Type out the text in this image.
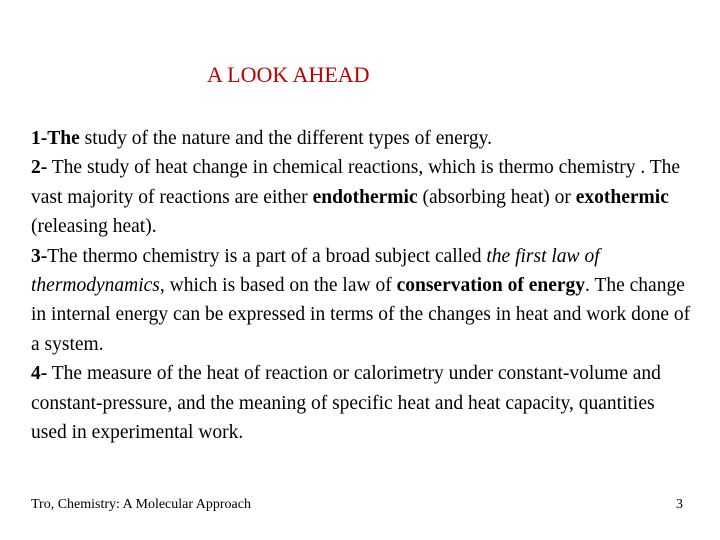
A LOOK AHEAD

1-The study of the nature and the different types of energy.

2- The study of heat change in chemical reactions, which is thermo chemistry . The vast majority of reactions are either endothermic (absorbing heat) or exothermic (releasing heat).

3-The thermo chemistry is a part of a broad subject called the first law of thermodynamics, which is based on the law of conservation of energy. The change in internal energy can be expressed in terms of the changes in heat and work done of a system.

4- The measure of the heat of reaction or calorimetry under constant-volume and constant-pressure, and the meaning of specific heat and heat capacity, quantities used in experimental work.

Tro, Chemistry: A Molecular Approach	3
